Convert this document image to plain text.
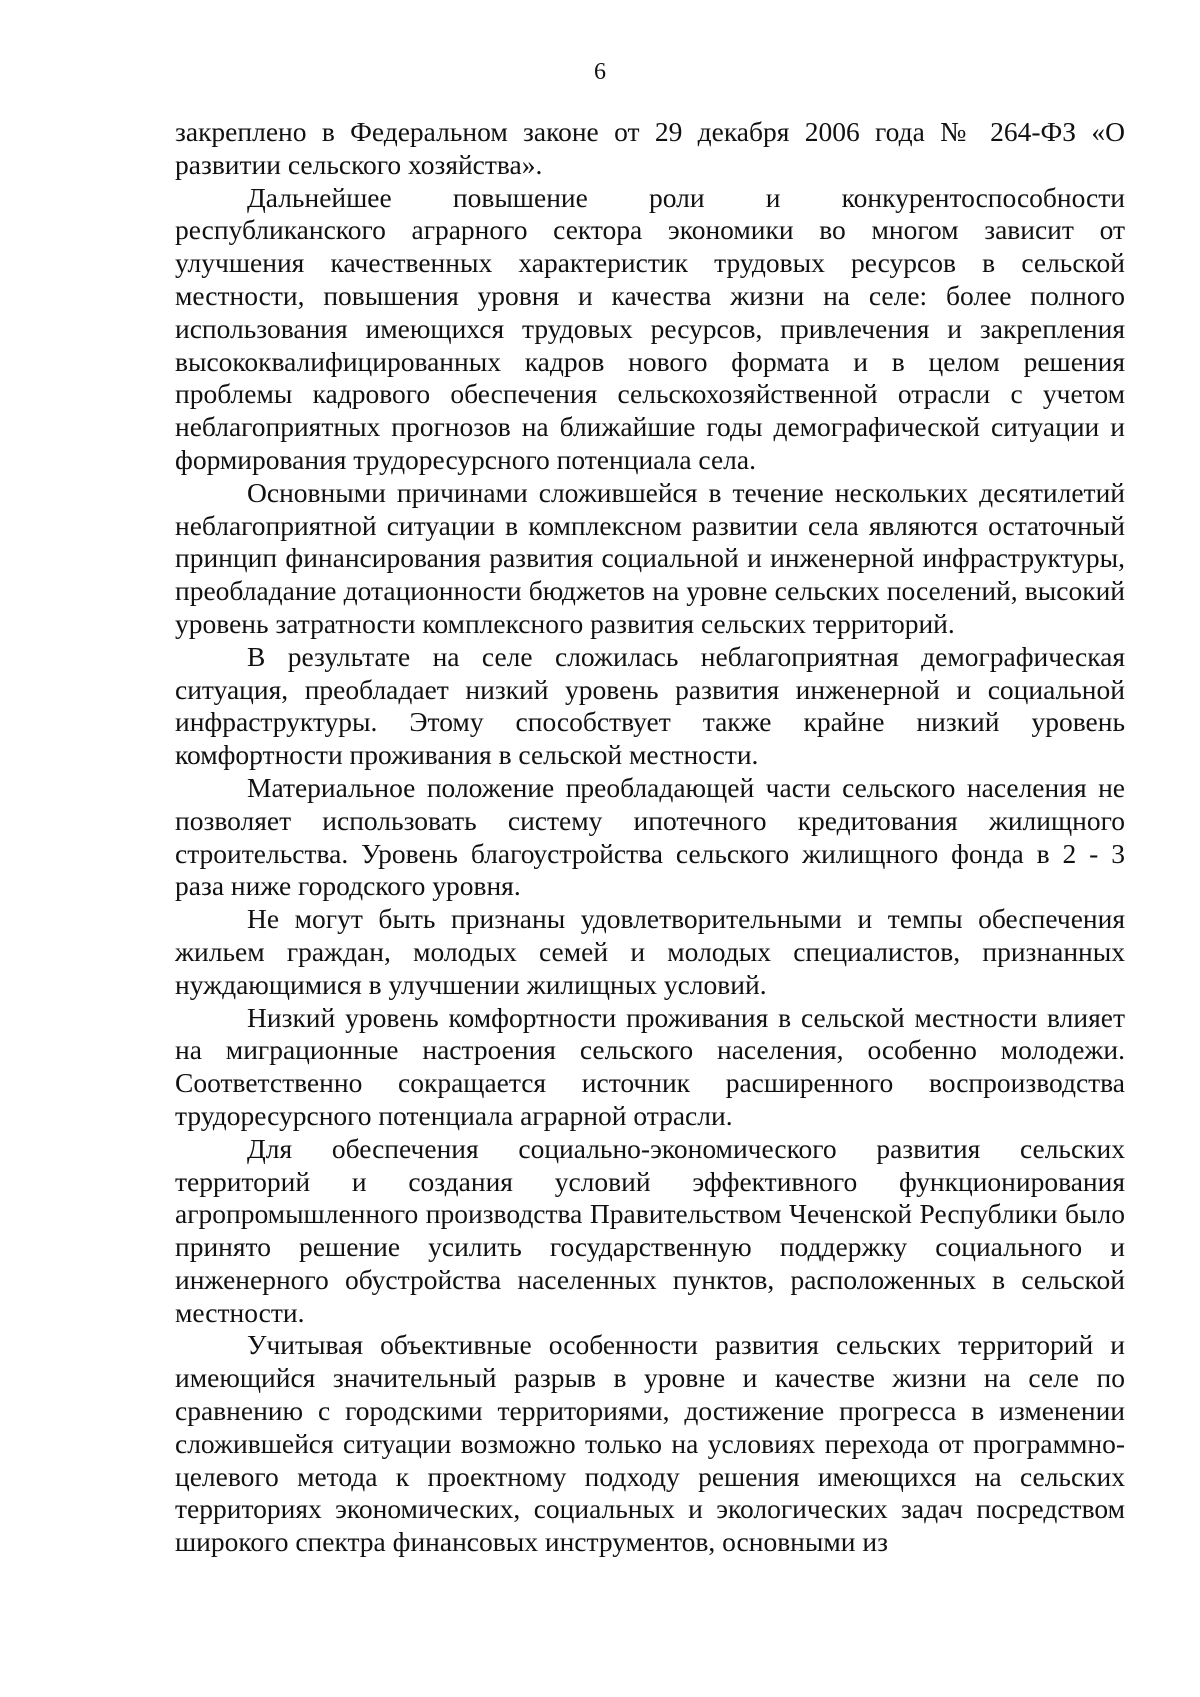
6

закреплено в Федеральном законе от 29 декабря 2006 года № 264-ФЗ «О развитии сельского хозяйства».

Дальнейшее повышение роли и конкурентоспособности республиканского аграрного сектора экономики во многом зависит от улучшения качественных характеристик трудовых ресурсов в сельской местности, повышения уровня и качества жизни на селе: более полного использования имеющихся трудовых ресурсов, привлечения и закрепления высококвалифицированных кадров нового формата и в целом решения проблемы кадрового обеспечения сельскохозяйственной отрасли с учетом неблагоприятных прогнозов на ближайшие годы демографической ситуации и формирования трудоресурсного потенциала села.

Основными причинами сложившейся в течение нескольких десятилетий неблагоприятной ситуации в комплексном развитии села являются остаточный принцип финансирования развития социальной и инженерной инфраструктуры, преобладание дотационности бюджетов на уровне сельских поселений, высокий уровень затратности комплексного развития сельских территорий.

В результате на селе сложилась неблагоприятная демографическая ситуация, преобладает низкий уровень развития инженерной и социальной инфраструктуры. Этому способствует также крайне низкий уровень комфортности проживания в сельской местности.

Материальное положение преобладающей части сельского населения не позволяет использовать систему ипотечного кредитования жилищного строительства. Уровень благоустройства сельского жилищного фонда в 2 - 3 раза ниже городского уровня.

Не могут быть признаны удовлетворительными и темпы обеспечения жильем граждан, молодых семей и молодых специалистов, признанных нуждающимися в улучшении жилищных условий.

Низкий уровень комфортности проживания в сельской местности влияет на миграционные настроения сельского населения, особенно молодежи. Соответственно сокращается источник расширенного воспроизводства трудоресурсного потенциала аграрной отрасли.

Для обеспечения социально-экономического развития сельских территорий и создания условий эффективного функционирования агропромышленного производства Правительством Чеченской Республики было принято решение усилить государственную поддержку социального и инженерного обустройства населенных пунктов, расположенных в сельской местности.

Учитывая объективные особенности развития сельских территорий и имеющийся значительный разрыв в уровне и качестве жизни на селе по сравнению с городскими территориями, достижение прогресса в изменении сложившейся ситуации возможно только на условиях перехода от программно-целевого метода к проектному подходу решения имеющихся на сельских территориях экономических, социальных и экологических задач посредством широкого спектра финансовых инструментов, основными из
